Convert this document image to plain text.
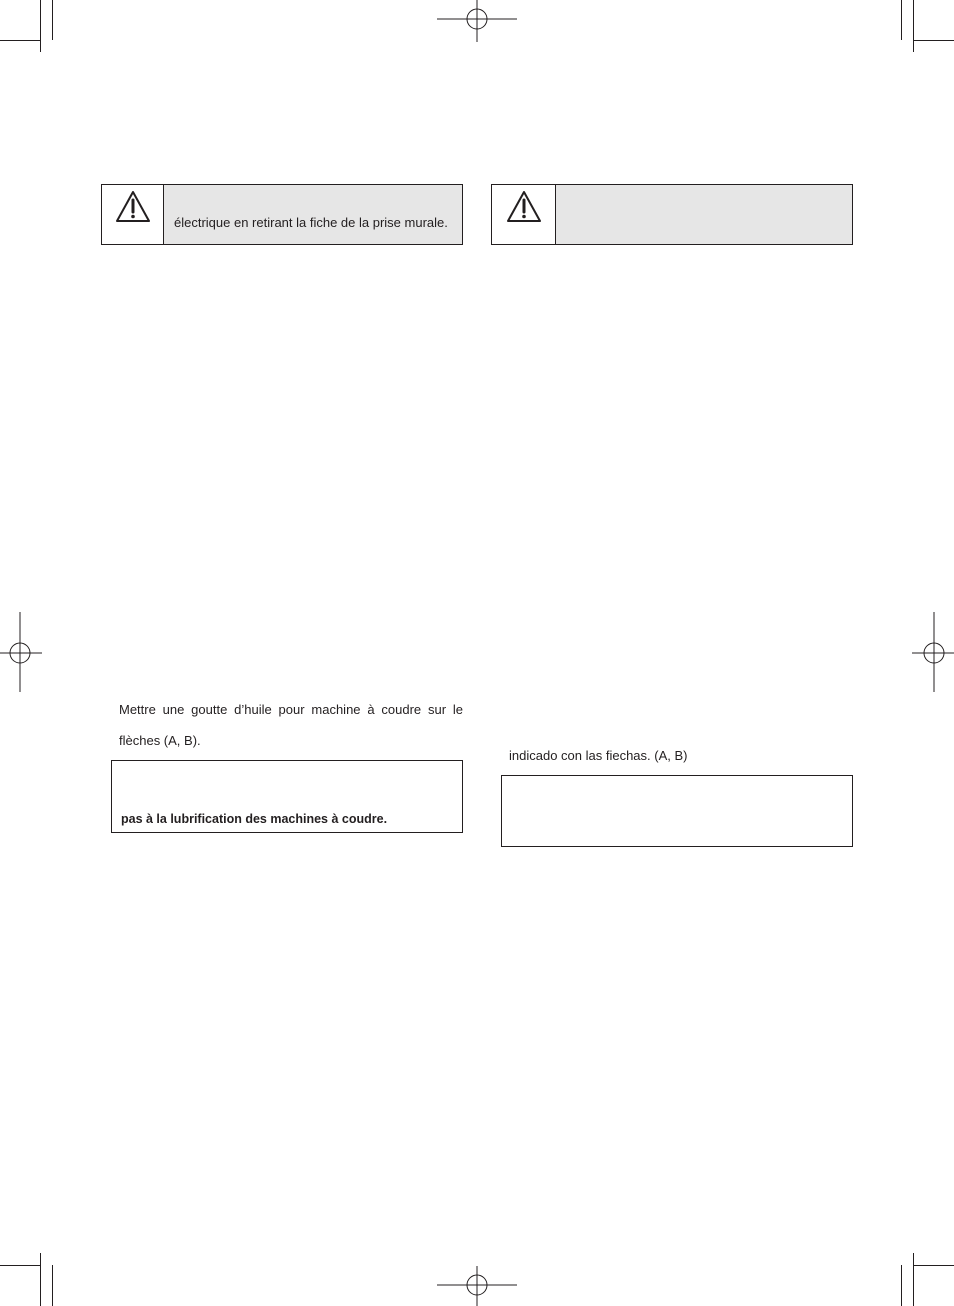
électrique en retirant la fiche de la prise murale.
Mettre une goutte d’huile pour machine à coudre sur le
flèches (A, B).
pas à la lubrification des machines à coudre.
indicado con las fiechas. (A, B)
